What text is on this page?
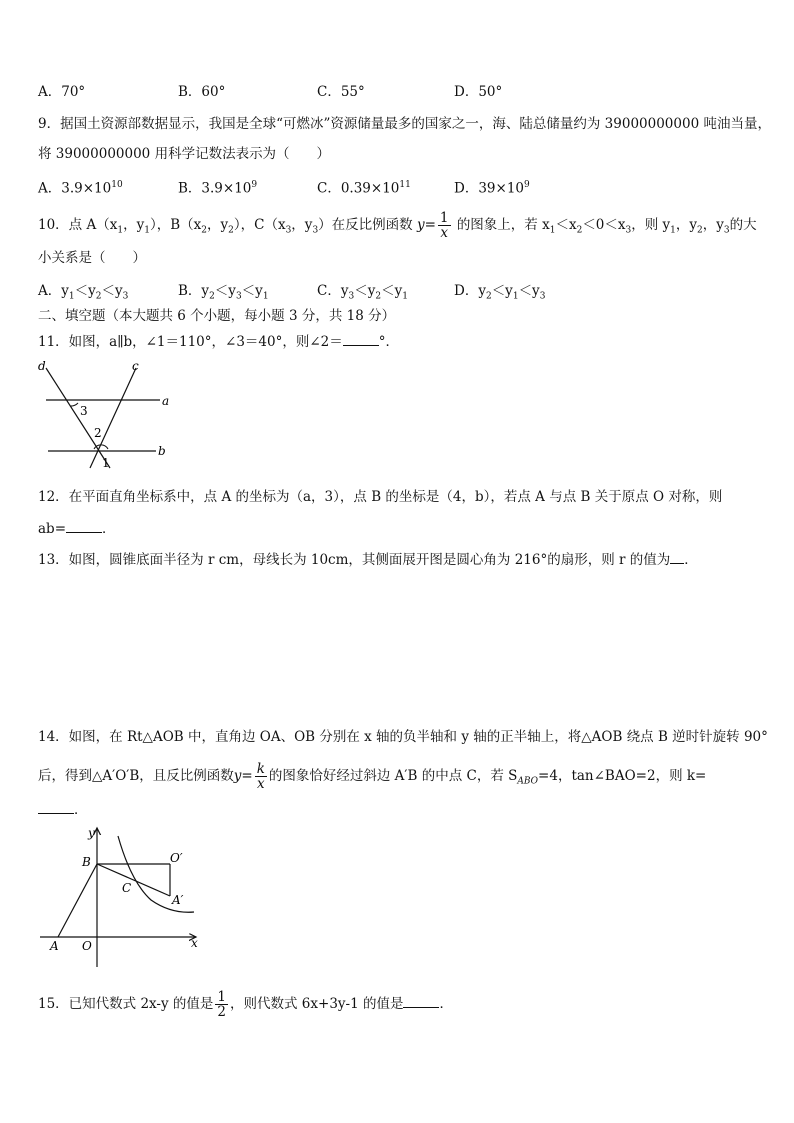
A．70°	B．60°	C．55°	D．50°
9．据国土资源部数据显示，我国是全球“可燃冰”资源储量最多的国家之一，海、陆总储量约为 39000000000 吨油当量，
将 39000000000 用科学记数法表示为（　　）
A．$3.9\times 10^{10}$	B．$3.9\times 10^9$	C．$0.39\times 10^{11}$	D．$39\times 10^9$
10．点 $A(x_1$，$y_1$），$B(x_2$，$y_2$），$C(x_3$，$y_3$）在反比例函数 $y= \frac{1}{x}$ 的图象上，若 $x_1<x_2<0<x_3$，则 $y_1$，$y_2$，$y_3$的大
小关系是（　　）
A．$y_1<y_2<y_3$	B．$y_2<y_3<y_1$	C．$y_3<y_2<y_1$	D．$y_2<y_1<y_3$
二、填空题（本大题共 6 个小题，每小题 3 分，共 18 分）
11．如图，a∥b，∠1＝110°，∠3＝40°，则∠2＝	°．
d	c
a
b
3
2
1
12．在平面直角坐标系中，点 A 的坐标为（a，3），点 B 的坐标是（4，b），若点 A 与点 B 关于原点 O 对称，则
ab=	．
13．如图，圆锥底面半径为 r cm，母线长为 10cm，其侧面展开图是圆心角为 216°的扇形，则 r 的值为 ．
14．如图，在 Rt△AOB 中，直角边 OA、OB 分别在 x 轴的负半轴和 y 轴的正半轴上，将△AOB 绕点 B 逆时针旋转 90°
后，得到△A′O′B，且反比例函数$y= \frac{k}{x}$ 的图象恰好经过斜边 A′B 的中点 C，若 $S_{ABO}=4$，tan∠BAO=2，则 k=
．
y
x
B	O′
C
A′
A O
15．已知代数式 2x-y 的值是 $\frac{1}{2}$ ，则代数式 6x+3y-1 的值是	．
